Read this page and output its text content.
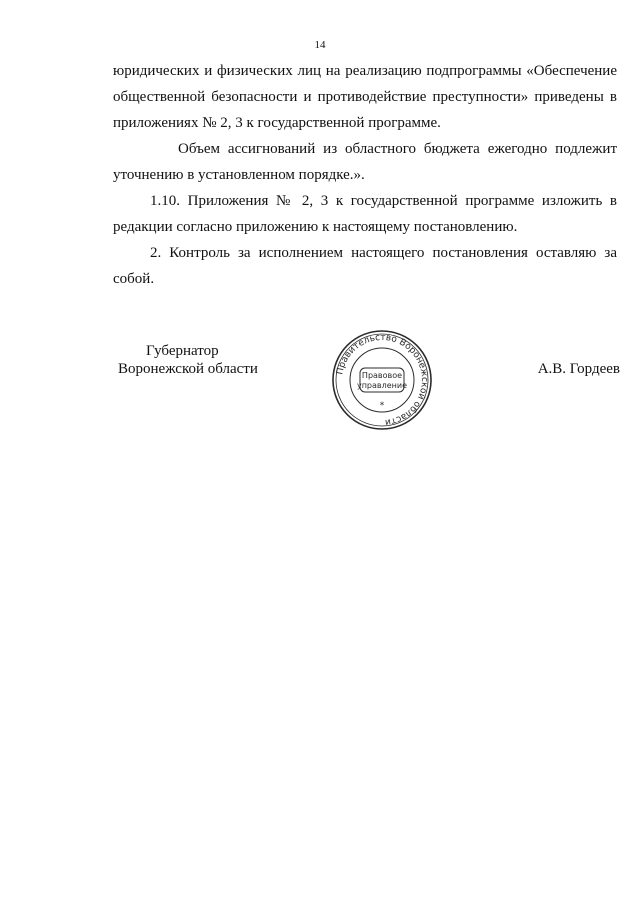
14

юридических и физических лиц на реализацию подпрограммы «Обеспечение общественной безопасности и противодействие преступности» приведены в приложениях № 2, 3 к государственной программе.

Объем ассигнований из областного бюджета ежегодно подлежит уточнению в установленном порядке.».

1.10. Приложения № 2, 3 к государственной программе изложить в редакции согласно приложению к настоящему постановлению.

2. Контроль за исполнением настоящего постановления оставляю за собой.

Губернатор
Воронежской области	Правительство Воронежской области
Правовое
управление
*
А.В. Гордеев
